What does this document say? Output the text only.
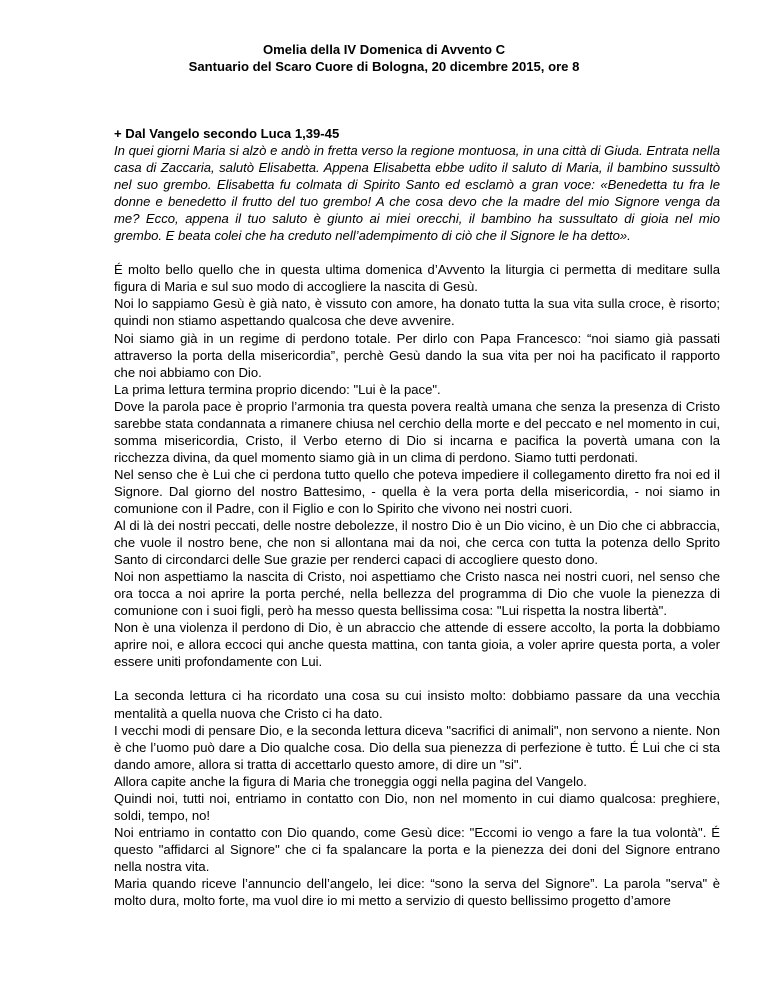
Omelia della IV Domenica di Avvento C
Santuario del Scaro Cuore di Bologna, 20 dicembre 2015, ore 8

+ Dal Vangelo secondo Luca 1,39-45

In quei giorni Maria si alzò e andò in fretta verso la regione montuosa, in una città di Giuda. Entrata nella casa di Zaccaria, salutò Elisabetta. Appena Elisabetta ebbe udito il saluto di Maria, il bambino sussultò nel suo grembo. Elisabetta fu colmata di Spirito Santo ed esclamò a gran voce: «Benedetta tu fra le donne e benedetto il frutto del tuo grembo! A che cosa devo che la madre del mio Signore venga da me? Ecco, appena il tuo saluto è giunto ai miei orecchi, il bambino ha sussultato di gioia nel mio grembo. E beata colei che ha creduto nell’adempimento di ciò che il Signore le ha detto».

É molto bello quello che in questa ultima domenica d’Avvento la liturgia ci permetta di meditare sulla figura di Maria e sul suo modo di accogliere la nascita di Gesù.

Noi lo sappiamo Gesù è già nato, è vissuto con amore, ha donato tutta la sua vita sulla croce, è risorto; quindi non stiamo aspettando qualcosa che deve avvenire.

Noi siamo già in un regime di perdono totale. Per dirlo con Papa Francesco: “noi siamo già passati attraverso la porta della misericordia”, perchè Gesù dando la sua vita per noi ha pacificato il rapporto che noi abbiamo con Dio.

La prima lettura termina proprio dicendo: "Lui è la pace".

Dove la parola pace è proprio l’armonia tra questa povera realtà umana che senza la presenza di Cristo sarebbe stata condannata a rimanere chiusa nel cerchio della morte e del peccato e nel momento in cui, somma misericordia, Cristo, il Verbo eterno di Dio si incarna e pacifica la povertà umana con la ricchezza divina, da quel momento siamo già in un clima di perdono. Siamo tutti perdonati.

Nel senso che è Lui che ci perdona tutto quello che poteva impediere il collegamento diretto fra noi ed il Signore. Dal giorno del nostro Battesimo, - quella è la vera porta della misericordia, - noi siamo in comunione con il Padre, con il Figlio e con lo Spirito che vivono nei nostri cuori.

Al di là dei nostri peccati, delle nostre debolezze, il nostro Dio è un Dio vicino, è un Dio che ci abbraccia, che vuole il nostro bene, che non si allontana mai da noi, che cerca con tutta la potenza dello Sprito Santo di circondarci delle Sue grazie per renderci capaci di accogliere questo dono.

Noi non aspettiamo la nascita di Cristo, noi aspettiamo che Cristo nasca nei nostri cuori, nel senso che ora tocca a noi aprire la porta perché, nella bellezza del programma di Dio che vuole la pienezza di comunione con i suoi figli, però ha messo questa bellissima cosa: "Lui rispetta la nostra libertà".

Non è una violenza il perdono di Dio, è un abraccio che attende di essere accolto, la porta la dobbiamo aprire noi, e allora eccoci qui anche questa mattina, con tanta gioia, a voler aprire questa porta, a voler essere uniti profondamente con Lui.

La seconda lettura ci ha ricordato una cosa su cui insisto molto: dobbiamo passare da una vecchia mentalità a quella nuova che Cristo ci ha dato.

I vecchi modi di pensare Dio, e la seconda lettura diceva "sacrifici di animali", non servono a niente. Non è che l’uomo può dare a Dio qualche cosa. Dio della sua pienezza di perfezione è tutto. É Lui che ci sta dando amore, allora si tratta di accettarlo questo amore, di dire un "si".

Allora capite anche la figura di Maria che troneggia oggi nella pagina del Vangelo.

Quindi noi, tutti noi, entriamo in contatto con Dio, non nel momento in cui diamo qualcosa: preghiere, soldi, tempo, no!

Noi entriamo in contatto con Dio quando, come Gesù dice: "Eccomi io vengo a fare la tua volontà". É questo "affidarci al Signore" che ci fa spalancare la porta e la pienezza dei doni del Signore entrano nella nostra vita.

Maria quando riceve l’annuncio dell’angelo, lei dice: “sono la serva del Signore”. La parola "serva" è molto dura, molto forte, ma vuol dire io mi metto a servizio di questo bellissimo progetto d’amore
